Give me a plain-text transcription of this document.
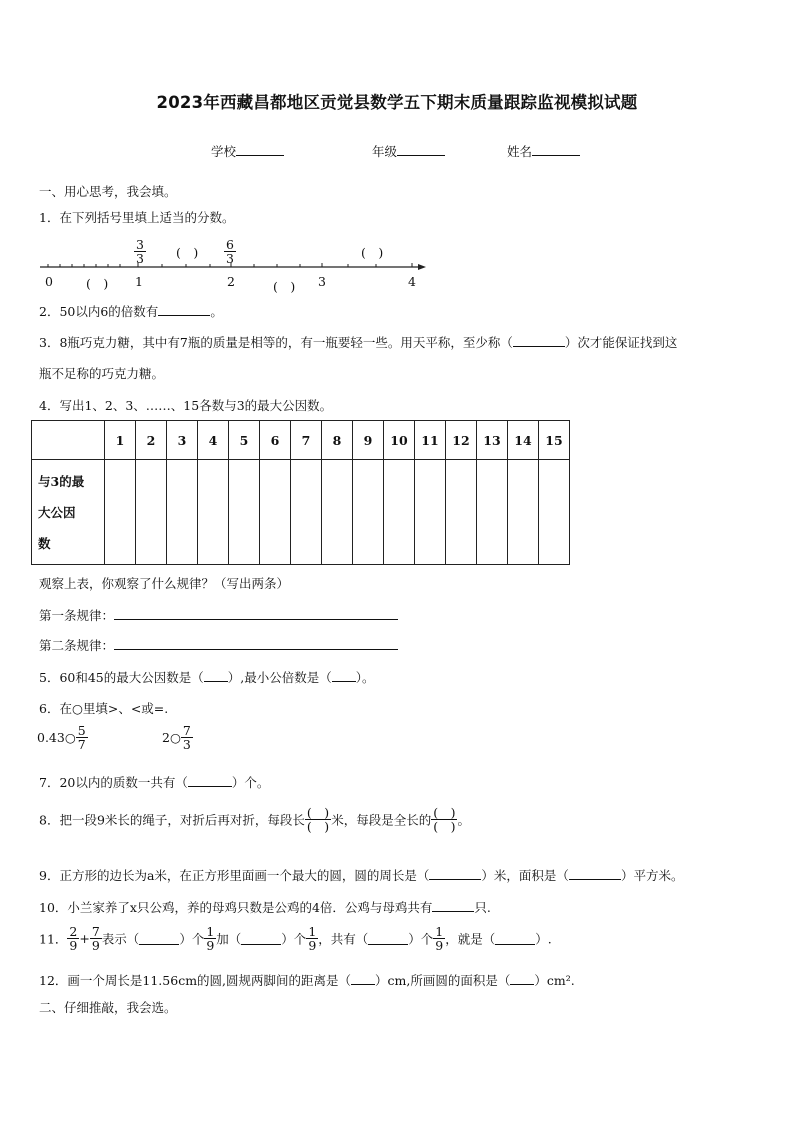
2023年西藏昌都地区贡觉县数学五下期末质量跟踪监视模拟试题
学校	年级	姓名
一、用心思考，我会填。
1．在下列括号里填上适当的分数。
$\frac{3}{3}$ (　) $\frac{6}{3}$	(　)
0	(　) 1	2	(　) 3	4
2．50以内6的倍数有	。
3．8瓶巧克力糖，其中有7瓶的质量是相等的，有一瓶要轻一些。用天平称，至少称（	）次才能保证找到这
瓶不足称的巧克力糖。
4．写出1、2、3、……、15各数与3的最大公因数。
	1	2	3	4	5	6	7	8	9	10	11	12	13	14	15

与3的最
大公因
数															

观察上表，你观察了什么规律？（写出两条）
第一条规律：
第二条规律：
5．60和45的最大公因数是（ ）,最小公倍数是（ ）。
6．在○里填>、<或=.
0.43○ $\frac{5}{7}$	2○ $\frac{7}{3}$
7．20以内的质数一共有（	）个。
8．把一段9米长的绳子，对折后再对折，每段长 $\frac{( )}{( )}$ 米，每段是全长的 $\frac{( )}{( )}$ 。
9．正方形的边长为a米，在正方形里面画一个最大的圆，圆的周长是（	）米，面积是（	）平方米。
10．小兰家养了x只公鸡，养的母鸡只数是公鸡的4倍．公鸡与母鸡共有	只.
11． $\frac{2}{9} + \frac{7}{9}$ 表示（	）个 $\frac{1}{9}$ 加（	）个 $\frac{1}{9}$ ，共有（	）个 $\frac{1}{9}$ ，就是（	）.
12．画一个周长是11.56cm的圆,圆规两脚间的距离是（ ）cm,所画圆的面积是（ ）cm².
二、仔细推敲，我会选。
